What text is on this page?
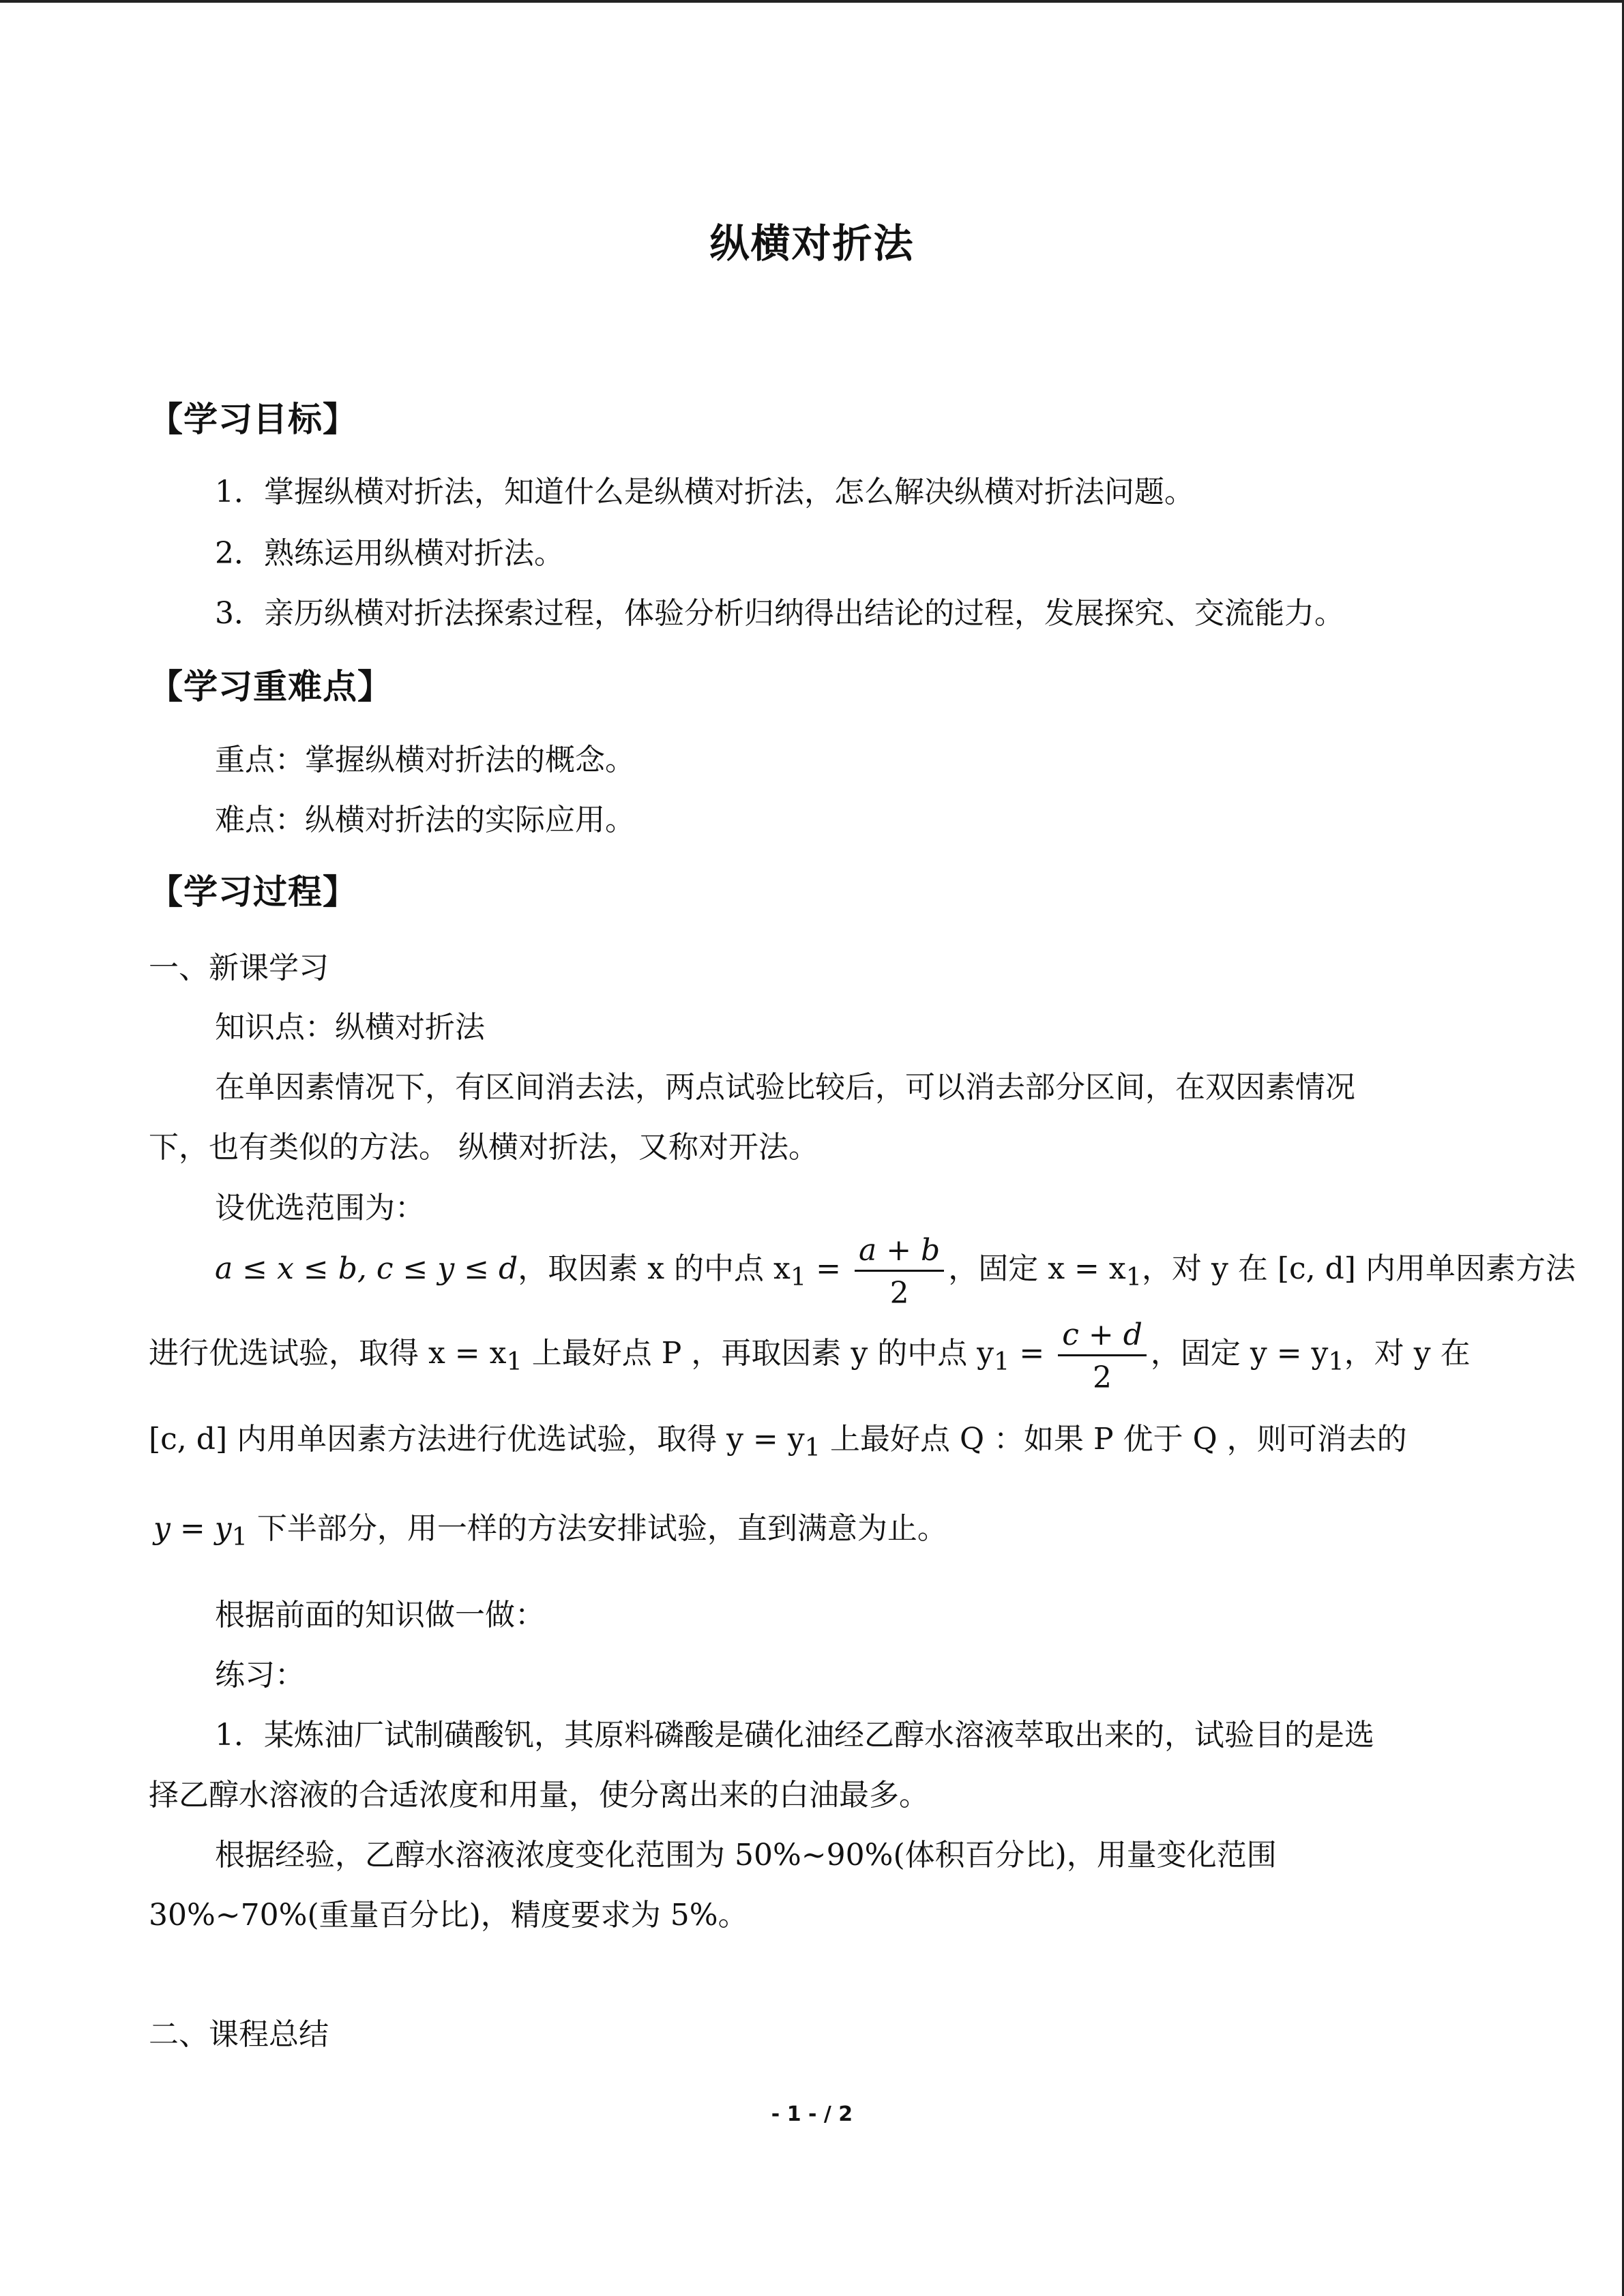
纵横对折法
【学习目标】
1．掌握纵横对折法，知道什么是纵横对折法，怎么解决纵横对折法问题。
2．熟练运用纵横对折法。
3．亲历纵横对折法探索过程，体验分析归纳得出结论的过程，发展探究、交流能力。
【学习重难点】
重点：掌握纵横对折法的概念。
难点：纵横对折法的实际应用。
【学习过程】
一、新课学习
知识点：纵横对折法
在单因素情况下，有区间消去法，两点试验比较后，可以消去部分区间，在双因素情况
下，也有类似的方法。 纵横对折法，又称对开法。
设优选范围为：
a ≤ x ≤ b, c ≤ y ≤ d，取因素 x 的中点 $x_1 = \frac{a + b}{2}$ ，固定 $x = x_1$，对 y 在 [c, d] 内用单因素方法
进行优选试验，取得 $x = x_1$ 上最好点 P ，再取因素 y 的中点 $y_1 = \frac{c + d}{2}$ ，固定 $y = y_1$，对 y 在
[c, d] 内用单因素方法进行优选试验，取得 $y = y_1$ 上最好点 Q ：如果 P 优于 Q ，则可消去的
$y = y_1$ 下半部分，用一样的方法安排试验，直到满意为止。
根据前面的知识做一做：
练习：
1．某炼油厂试制磺酸钒，其原料磷酸是磺化油经乙醇水溶液萃取出来的，试验目的是选
择乙醇水溶液的合适浓度和用量，使分离出来的白油最多。
根据经验，乙醇水溶液浓度变化范围为 50%~90%(体积百分比)，用量变化范围
30%~70%(重量百分比)，精度要求为 5%。
二、课程总结
- 1 - / 2
